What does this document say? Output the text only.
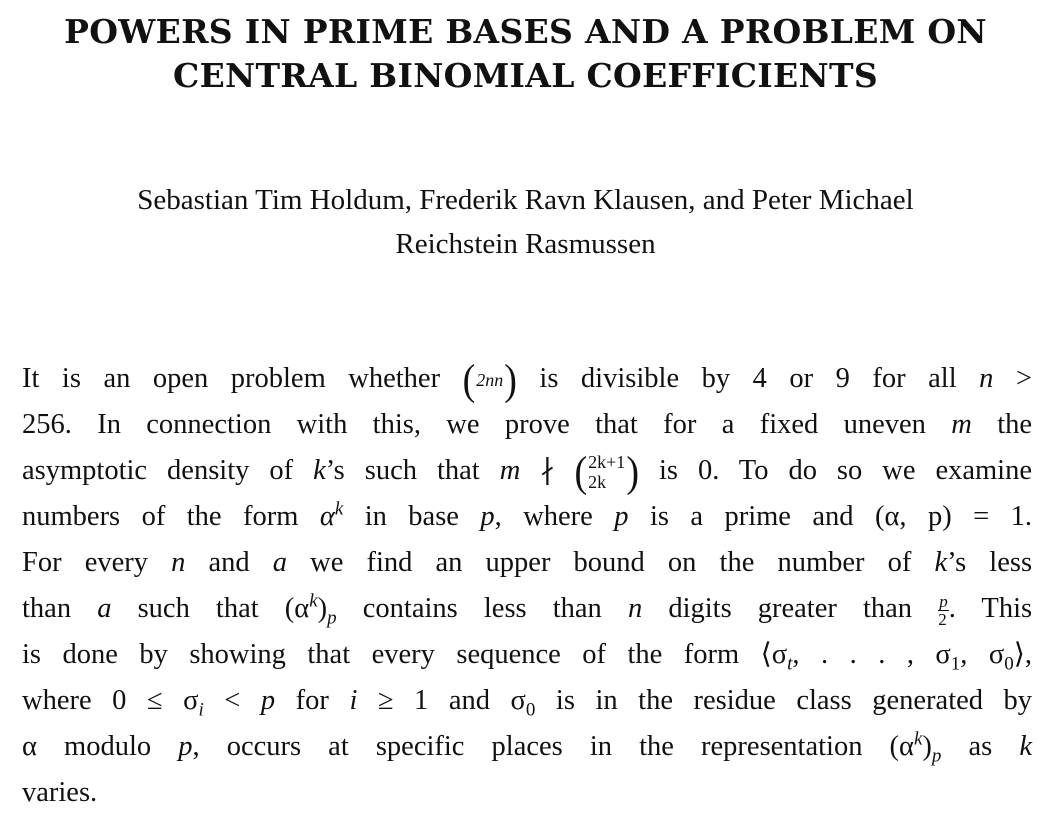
POWERS IN PRIME BASES AND A PROBLEM ON
CENTRAL BINOMIAL COEFFICIENTS
Sebastian Tim Holdum, Frederik Ravn Klausen, and Peter Michael
Reichstein Rasmussen
It is an open problem whether (2nn) is divisible by 4 or 9 for all n >
256. In connection with this, we prove that for a fixed uneven m the
asymptotic density of k’s such that m ∤ ( 2k+1
2k ) is 0. To do so we examine
numbers of the form $\alpha^k$ in base p, where p is a prime and (α, p) = 1.
For every n and a we find an upper bound on the number of k’s less
than a such that $(\alpha^k)_p$ contains less than n digits greater than $\frac{p}{2}$ . This
is done by showing that every sequence of the form $⟨\sigma_t$, . . . , $\sigma_1$, $\sigma_0⟩$,
where $0 \le \sigma_i < p$ for i ≥ 1 and $\sigma_0$ is in the residue class generated by
α modulo p, occurs at specific places in the representation $(\alpha^k)_p$ as k
varies.
